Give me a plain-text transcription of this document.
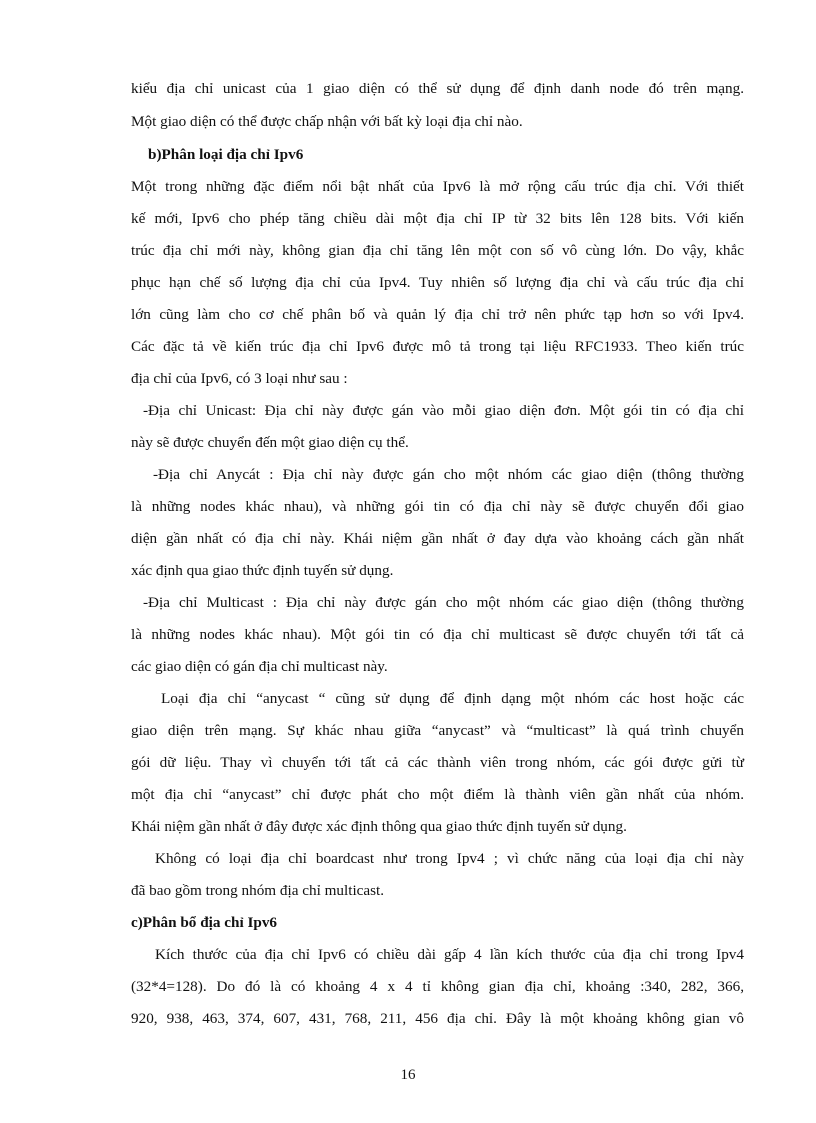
kiểu địa chỉ unicast của 1 giao diện có thể sử dụng để định danh node đó trên mạng.
Một giao diện có thể được chấp nhận với bất kỳ loại địa chỉ nào.
b)Phân loại địa chỉ Ipv6
Một trong những đặc điểm nổi bật nhất của Ipv6 là mở rộng cấu trúc địa chỉ. Với thiết
kế mới, Ipv6 cho phép tăng chiều dài một địa chỉ IP từ 32 bits lên 128 bits. Với kiến
trúc địa chỉ mới này, không gian địa chỉ tăng lên một con số vô cùng lớn. Do vậy, khắc
phục hạn chế số lượng địa chỉ của Ipv4. Tuy nhiên số lượng địa chỉ và cấu trúc địa chỉ
lớn cũng làm cho cơ chế phân bố và quản lý địa chỉ trở nên phức tạp hơn so với Ipv4.
Các đặc tả về kiến trúc địa chỉ Ipv6 được mô tả trong tại liệu RFC1933. Theo kiến trúc
địa chỉ của Ipv6, có 3 loại như sau :
-Địa chỉ Unicast: Địa chỉ này được gán vào mỗi giao diện đơn. Một gói tin có địa chỉ
này sẽ được chuyển đến một giao diện cụ thể.
-Địa chỉ Anycát : Địa chỉ này được gán cho một nhóm các giao diện (thông thường
là những nodes khác nhau), và những gói tin có địa chỉ này sẽ được chuyển đổi giao
diện gần nhất có địa chỉ này. Khái niệm gần nhất ở đay dựa vào khoảng cách gần nhất
xác định qua giao thức định tuyến sử dụng.
-Địa chỉ Multicast : Địa chỉ này được gán cho một nhóm các giao diện (thông thường
là những nodes khác nhau). Một gói tin có địa chỉ multicast sẽ được chuyển tới tất cả
các giao diện có gán địa chỉ multicast này.
Loại địa chỉ “anycast “ cũng sử dụng để định dạng một nhóm các host hoặc các
giao diện trên mạng. Sự khác nhau giữa “anycast” và “multicast” là quá trình chuyển
gói dữ liệu. Thay vì chuyển tới tất cả các thành viên trong nhóm, các gói được gửi từ
một địa chỉ “anycast” chỉ được phát cho một điểm là thành viên gần nhất của nhóm.
Khái niệm gần nhất ở đây được xác định thông qua giao thức định tuyến sử dụng.
Không có loại địa chỉ boardcast như trong Ipv4 ; vì chức năng của loại địa chỉ này
đã bao gồm trong nhóm địa chỉ multicast.
c)Phân bổ địa chỉ Ipv6
Kích thước của địa chỉ Ipv6 có chiều dài gấp 4 lần kích thước của địa chỉ trong Ipv4
(32*4=128). Do đó là có khoảng 4 x 4 tỉ không gian địa chỉ, khoảng :340, 282, 366,
920, 938, 463, 374, 607, 431, 768, 211, 456 địa chỉ. Đây là một khoảng không gian vô
16
